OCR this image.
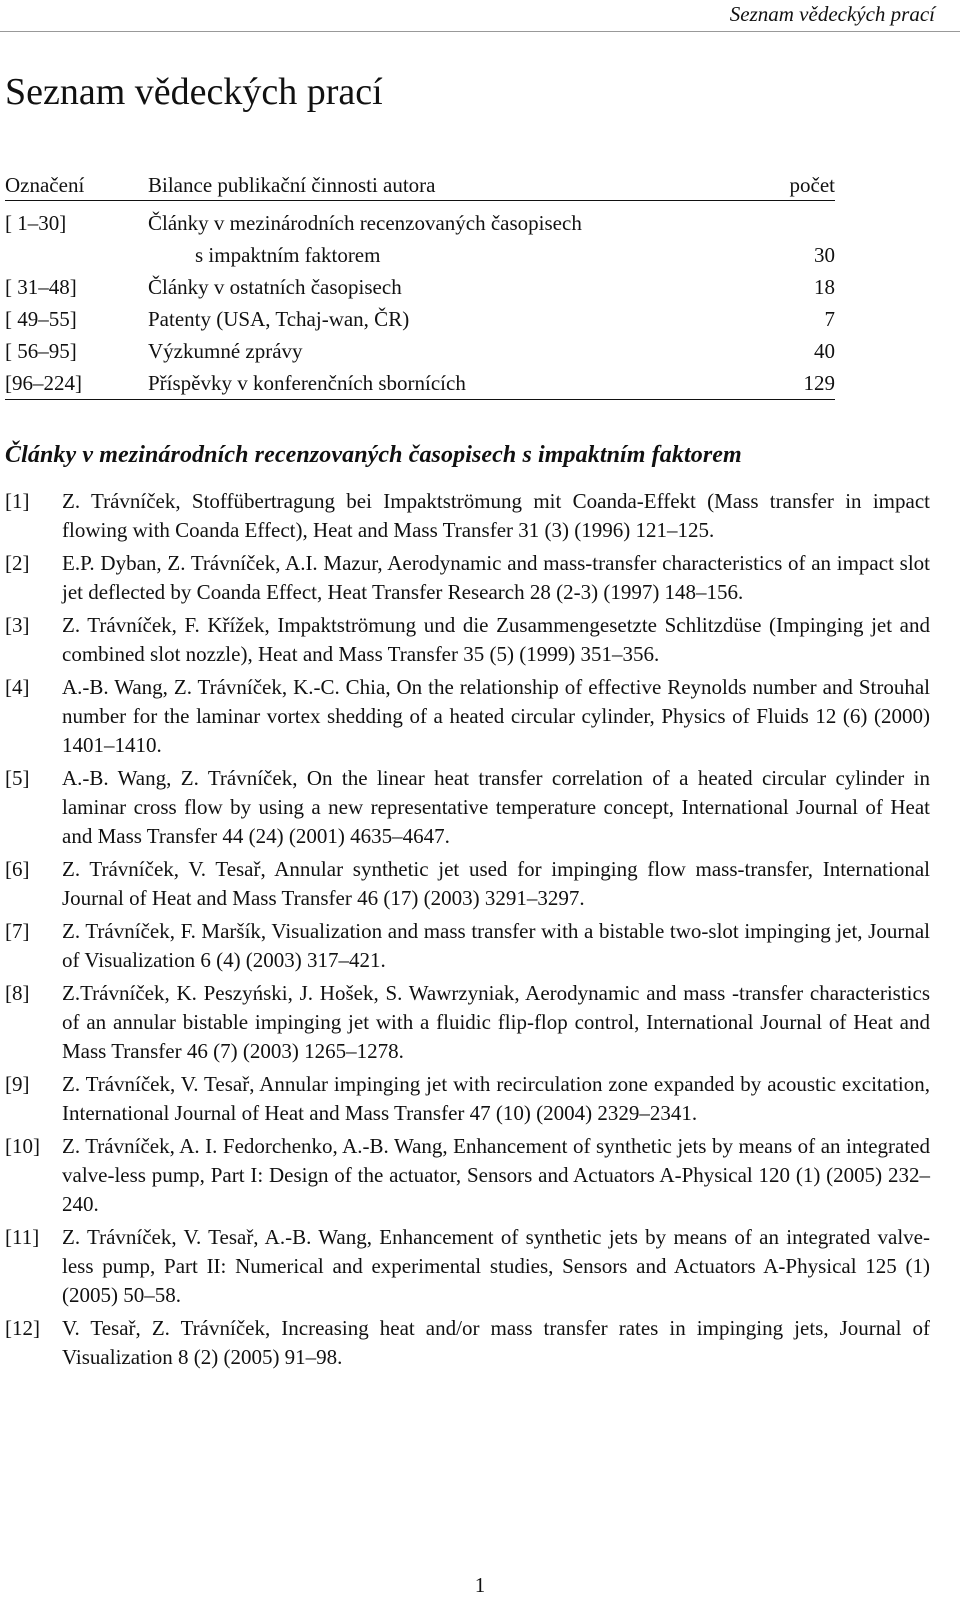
Seznam vědeckých prací
Seznam vědeckých prací
Označení	Bilance publikační činnosti autora	počet
[ 1–30]	Články v mezinárodních recenzovaných časopisech
s impaktním faktorem	30
[ 31–48]	Články v ostatních časopisech	18
[ 49–55]	Patenty (USA, Tchaj-wan, ČR)	7
[ 56–95]	Výzkumné zprávy	40
[96–224]	Příspěvky v konferenčních sbornících	129
Články v mezinárodních recenzovaných časopisech s impaktním faktorem
[1]	Z. Trávníček, Stoffübertragung bei Impaktströmung mit Coanda-Effekt (Mass transfer in impact flowing with Coanda Effect), Heat and Mass Transfer 31 (3) (1996) 121–125.
[2]	E.P. Dyban, Z. Trávníček, A.I. Mazur, Aerodynamic and mass-transfer characteristics of an impact slot jet deflected by Coanda Effect, Heat Transfer Research 28 (2-3) (1997) 148–156.
[3]	Z. Trávníček, F. Křížek, Impaktströmung und die Zusammengesetzte Schlitzdüse (Impinging jet and combined slot nozzle), Heat and Mass Transfer 35 (5) (1999) 351–356.
[4]	A.-B. Wang, Z. Trávníček, K.-C. Chia, On the relationship of effective Reynolds number and Strouhal number for the laminar vortex shedding of a heated circular cylinder, Physics of Fluids 12 (6) (2000) 1401–1410.
[5]	A.-B. Wang, Z. Trávníček, On the linear heat transfer correlation of a heated circular cylinder in laminar cross flow by using a new representative temperature concept, International Journal of Heat and Mass Transfer 44 (24) (2001) 4635–4647.
[6]	Z. Trávníček, V. Tesař, Annular synthetic jet used for impinging flow mass-transfer, International Journal of Heat and Mass Transfer 46 (17) (2003) 3291–3297.
[7]	Z. Trávníček, F. Maršík, Visualization and mass transfer with a bistable two-slot impinging jet, Journal of Visualization 6 (4) (2003) 317–421.
[8]	Z.Trávníček, K. Peszyński, J. Hošek, S. Wawrzyniak, Aerodynamic and mass -transfer characteristics of an annular bistable impinging jet with a fluidic flip-flop control, International Journal of Heat and Mass Transfer 46 (7) (2003) 1265–1278.
[9]	Z. Trávníček, V. Tesař, Annular impinging jet with recirculation zone expanded by acoustic excitation, International Journal of Heat and Mass Transfer 47 (10) (2004) 2329–2341.
[10]	Z. Trávníček, A. I. Fedorchenko, A.-B. Wang, Enhancement of synthetic jets by means of an integrated valve-less pump, Part I: Design of the actuator, Sensors and Actuators A-Physical 120 (1) (2005) 232–240.
[11]	Z. Trávníček, V. Tesař, A.-B. Wang, Enhancement of synthetic jets by means of an integrated valve-less pump, Part II: Numerical and experimental studies, Sensors and Actuators A-Physical 125 (1) (2005) 50–58.
[12]	V. Tesař, Z. Trávníček, Increasing heat and/or mass transfer rates in impinging jets, Journal of Visualization 8 (2) (2005) 91–98.
1
